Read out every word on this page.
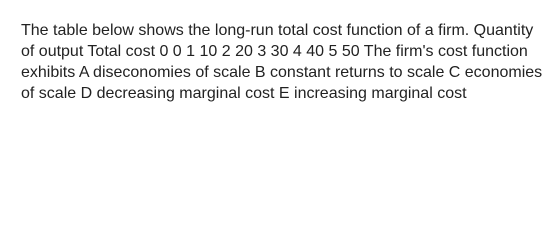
The table below shows the long-run total cost function of a firm. Quantity of output Total cost 0 0 1 10 2 20 3 30 4 40 5 50 The firm's cost function exhibits A diseconomies of scale B constant returns to scale C economies of scale D decreasing marginal cost E increasing marginal cost
